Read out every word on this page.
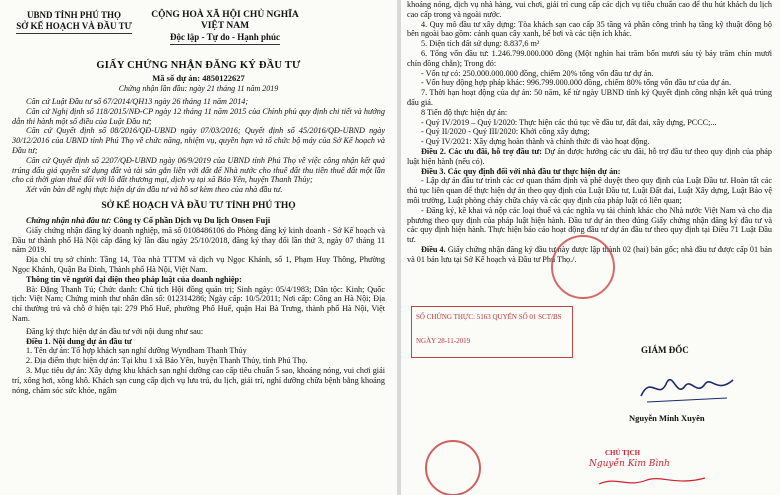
UBND TỈNH PHÚ THỌ
SỞ KẾ HOẠCH VÀ ĐẦU TƯ
CỘNG HOÀ XÃ HỘI CHỦ NGHĨA VIỆT NAM
Độc lập - Tự do - Hạnh phúc
GIẤY CHỨNG NHẬN ĐĂNG KÝ ĐẦU TƯ
Mã số dự án: 4850122627
Chứng nhận lần đầu: ngày 21 tháng 11 năm 2019

Căn cứ Luật Đầu tư số 67/2014/QH13 ngày 26 tháng 11 năm 2014;

Căn cứ Nghị định số 118/2015/NĐ-CP ngày 12 tháng 11 năm 2015 của Chính phủ quy định chi tiết và hướng dẫn thi hành một số điều của Luật Đầu tư;

Căn cứ Quyết định số 08/2016/QĐ-UBND ngày 07/03/2016; Quyết định số 45/2016/QĐ-UBND ngày 30/12/2016 của UBND tỉnh Phú Thọ về chức năng, nhiệm vụ, quyền hạn và tổ chức bộ máy của Sở Kế hoạch và Đầu tư;

Căn cứ Quyết định số 2207/QĐ-UBND ngày 06/9/2019 của UBND tỉnh Phú Thọ về việc công nhận kết quả trúng đấu giá quyền sử dụng đất và tài sản gắn liền với đất để Nhà nước cho thuê đất thu tiền thuê đất một lần cho cả thời gian thuê đối với lô đất thương mại, dịch vụ tại xã Bảo Yên, huyện Thanh Thủy;

Xét văn bản đề nghị thực hiện dự án đầu tư và hồ sơ kèm theo của nhà đầu tư.

SỞ KẾ HOẠCH VÀ ĐẦU TƯ TỈNH PHÚ THỌ

Chứng nhận nhà đầu tư: Công ty Cổ phần Dịch vụ Du lịch Onsen Fuji

Giấy chứng nhận đăng ký doanh nghiệp, mã số 0108486106 do Phòng đăng ký kinh doanh - Sở Kế hoạch và Đầu tư thành phố Hà Nội cấp đăng ký lần đầu ngày 25/10/2018, đăng ký thay đổi lần thứ 3, ngày 07 tháng 11 năm 2019.

Địa chỉ trụ sở chính: Tầng 14, Tòa nhà TTTM và dịch vụ Ngọc Khánh, số 1, Phạm Huy Thông, Phường Ngọc Khánh, Quận Ba Đình, Thành phố Hà Nội, Việt Nam.

Thông tin về người đại diện theo pháp luật của doanh nghiệp:

Bà: Đặng Thanh Tú; Chức danh: Chủ tịch Hội đồng quản trị; Sinh ngày: 05/4/1983; Dân tộc: Kinh; Quốc tịch: Việt Nam; Chứng minh thư nhân dân số: 012314286; Ngày cấp: 10/5/2011; Nơi cấp: Công an Hà Nội; Địa chỉ thường trú và chỗ ở hiện tại: 279 Phố Huế, phường Phố Huế, quận Hai Bà Trưng, thành phố Hà Nội, Việt Nam.

Đăng ký thực hiện dự án đầu tư với nội dung như sau:

Điều 1. Nội dung dự án đầu tư

1. Tên dự án: Tổ hợp khách sạn nghỉ dưỡng Wyndham Thanh Thủy

2. Địa điểm thực hiện dự án: Tại khu 1 xã Bảo Yên, huyện Thanh Thủy, tỉnh Phú Thọ.

3. Mục tiêu dự án: Xây dựng khu khách sạn nghỉ dưỡng cao cấp tiêu chuẩn 5 sao, khoáng nóng, vui chơi giải trí, xông hơi, xông khô. Khách sạn cung cấp dịch vụ lưu trú, du lịch, giải trí, nghỉ dưỡng chữa bệnh bằng khoáng nóng, chăm sóc sức khỏe, ngâm

khoáng nóng, dịch vụ nhà hàng, vui chơi, giải trí cung cấp các dịch vụ tiêu chuẩn cao để thu hút khách du lịch cao cấp trong và ngoài nước.

4. Quy mô đầu tư xây dựng: Tòa khách sạn cao cấp 35 tầng và phần công trình hạ tầng kỹ thuật đồng bộ bên ngoài bao gồm: cảnh quan cây xanh, bể bơi và các tiện ích khác.

5. Diện tích đất sử dụng: 8.837,6 m²

6. Tổng vốn đầu tư: 1.246.799.000.000 đồng (Một nghìn hai trăm bốn mươi sáu tỷ bảy trăm chín mươi chín đồng chẵn); Trong đó:

- Vốn tự có: 250.000.000.000 đồng, chiếm 20% tổng vốn đầu tư dự án.

- Vốn huy động hợp pháp khác: 996.799.000.000 đồng, chiếm 80% tổng vốn đầu tư của dự án.

7. Thời hạn hoạt động của dự án: 50 năm, kể từ ngày UBND tỉnh ký Quyết định công nhận kết quả trúng đấu giá.

8 Tiến độ thực hiện dự án:

- Quý IV/2019 – Quý I/2020: Thực hiện các thủ tục về đầu tư, đất đai, xây dựng, PCCC;...

- Quý II/2020 - Quý III/2020: Khởi công xây dựng;

- Quý IV/2021: Xây dựng hoàn thành và chính thức đi vào hoạt động.

Điều 2. Các ưu đãi, hỗ trợ đầu tư: Dự án được hưởng các ưu đãi, hỗ trợ đầu tư theo quy định của pháp luật hiện hành (nếu có).

Điều 3. Các quy định đối với nhà đầu tư thực hiện dự án:

- Lập dự án đầu tư trình các cơ quan thẩm định và phê duyệt theo quy định của Luật Đầu tư. Hoàn tất các thủ tục liên quan để thực hiện dự án theo quy định của Luật Đầu tư, Luật Đất đai, Luật Xây dựng, Luật Bảo vệ môi trường, Luật phòng cháy chữa cháy và các quy định của pháp luật có liên quan;

- Đăng ký, kê khai và nộp các loại thuế và các nghĩa vụ tài chính khác cho Nhà nước Việt Nam và cho địa phương theo quy định của pháp luật hiện hành. Đầu tư dự án theo đúng Giấy chứng nhận đăng ký đầu tư và các quy định hiện hành. Thực hiện báo cáo hoạt động đầu tư dự án đầu tư theo quy định tại Điều 71 Luật Đầu tư.

Điều 4. Giấy chứng nhận đăng ký đầu tư này được lập thành 02 (hai) bản gốc; nhà đầu tư được cấp 01 bản và 01 bản lưu tại Sở Kế hoạch và Đầu tư Phú Thọ./.

SỐ CHỨNG THỰC: 5163 QUYỂN SỐ 01 SCT/BS
NGÀY 28-11-2019
GIÁM ĐỐC
Nguyễn Minh Xuyên
CHỦ TỊCH
Nguyễn Kim Bình
